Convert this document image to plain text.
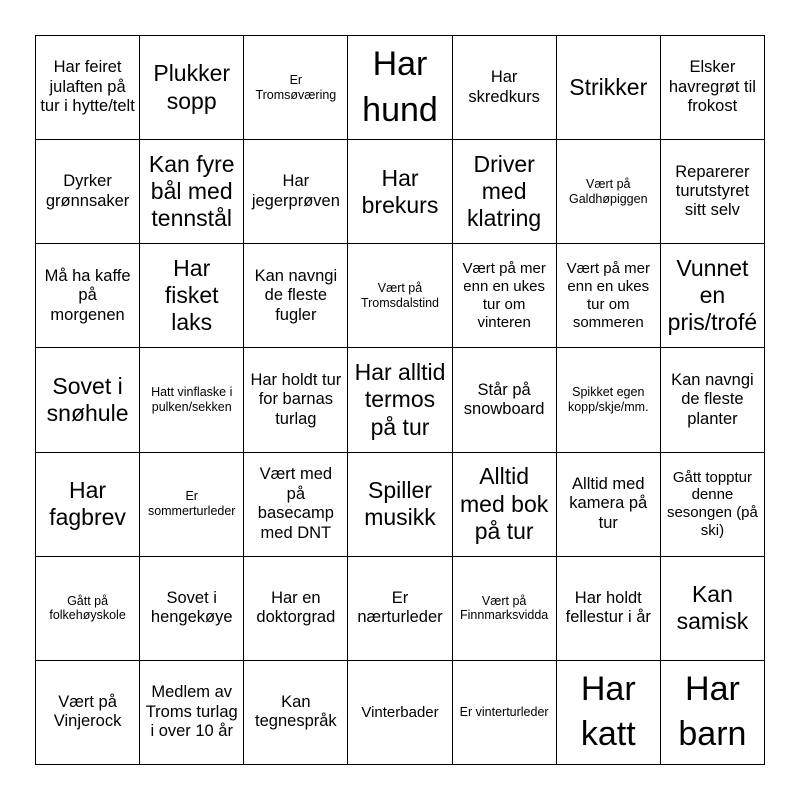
Har feiret julaften på tur i hytte/telt
Plukker sopp
Er Tromsøværing
Har hund
Har skredkurs	Strikker
Elsker havregrøt til frokost
Dyrker grønnsaker
Kan fyre bål med tennstål
Har jegerprøven
Har brekurs
Driver med klatring
Vært på Galdhøpiggen
Reparerer turutstyret sitt selv
Må ha kaffe på morgenen
Har fisket laks
Kan navngi de fleste fugler
Vært på Tromsdalstind
Vært på mer enn en ukes tur om vinteren
Vært på mer enn en ukes tur om sommeren
Vunnet en pris/trofé
Sovet i snøhule
Hatt vinflaske i pulken/sekken
Har holdt tur for barnas turlag
Har alltid termos på tur
Står på snowboard
Spikket egen kopp/skje/mm.
Kan navngi de fleste planter
Har fagbrev
Er sommerturleder
Vært med på basecamp med DNT
Spiller musikk
Alltid med bok på tur
Alltid med kamera på tur
Gått topptur denne sesongen (på ski)
Gått på folkehøyskole
Sovet i hengekøye
Har en doktorgrad
Er nærturleder
Vært på Finnmarksvidda
Har holdt fellestur i år
Kan samisk
Vært på Vinjerock
Medlem av Troms turlag i over 10 år
Kan tegnespråk
Vinterbader Er vinterturleder
Har katt
Har barn
